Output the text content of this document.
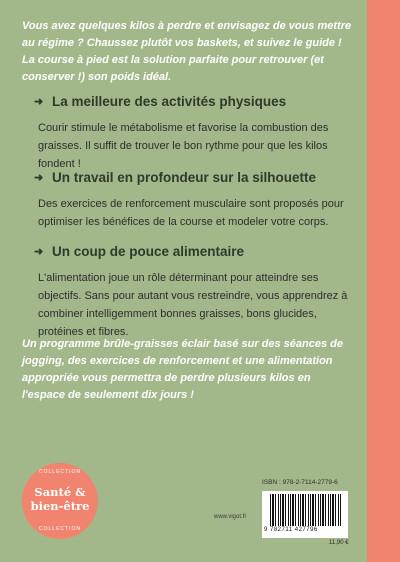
Vous avez quelques kilos à perdre et envisagez de vous mettre au régime ? Chaussez plutôt vos baskets, et suivez le guide ! La course à pied est la solution parfaite pour retrouver (et conserver !) son poids idéal.
➜ La meilleure des activités physiques
Courir stimule le métabolisme et favorise la combustion des graisses. Il suffit de trouver le bon rythme pour que les kilos fondent !
➜ Un travail en profondeur sur la silhouette
Des exercices de renforcement musculaire sont proposés pour optimiser les bénéfices de la course et modeler votre corps.
➜ Un coup de pouce alimentaire
L'alimentation joue un rôle déterminant pour atteindre ses objectifs. Sans pour autant vous restreindre, vous apprendrez à combiner intelligemment bonnes graisses, bons glucides, protéines et fibres.
Un programme brûle-graisses éclair basé sur des séances de jogging, des exercices de renforcement et une alimentation appropriée vous permettra de perdre plusieurs kilos en l'espace de seulement dix jours !
COLLECTION
Santé &
bien-être
COLLECTION
www.vigot.fr
ISBN : 978-2-7114-2779-6
9 782711 427796
11,90 €
